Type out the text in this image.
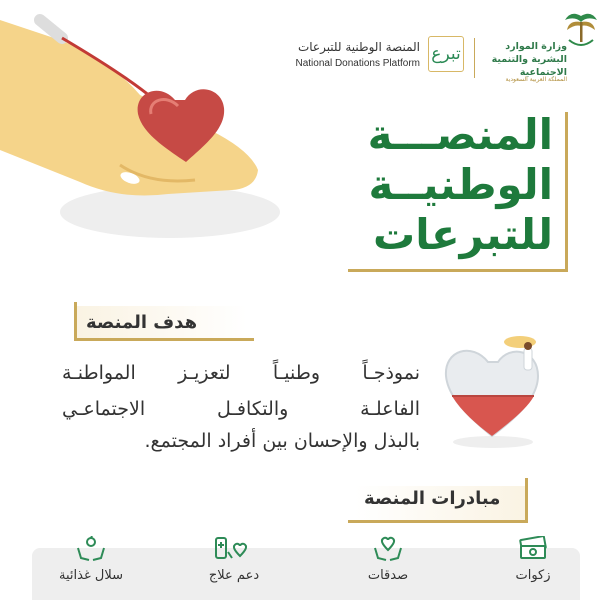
وزارة الموارد البشرية والتنمية الاجتماعية
المملكة العربية السعودية
تبرع
المنصة الوطنية للتبرعات
National Donations Platform
المنصـــة
الوطنيــة
للتبرعات
هدف المنصة

نموذجـاً وطنيـاً لتعزيـز المواطنـة

الفاعلـة والتكافـل الاجتماعـي

بالبذل والإحسان بين أفراد المجتمع.

مبادرات المنصة
زكوات
صدقات
دعم علاج
سلال غذائية
